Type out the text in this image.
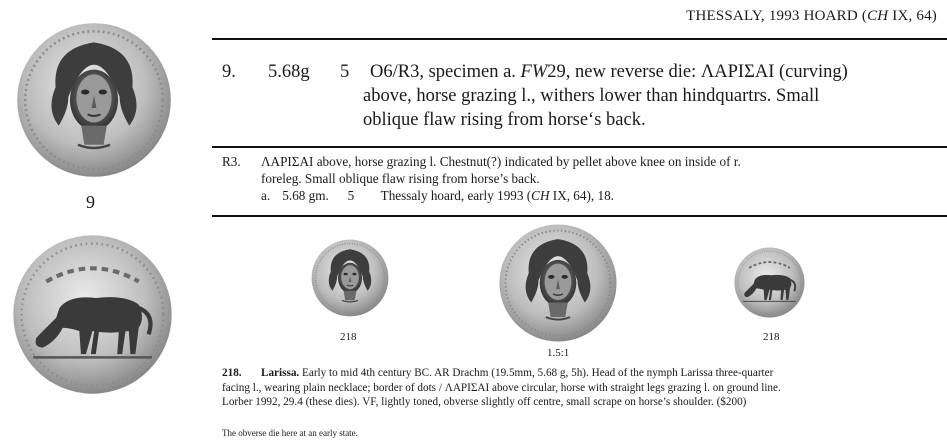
9
THESSALY, 1993 HOARD (CH IX, 64)
9.	5.68g	5	O6/R3, specimen a. FW29, new reverse die: ΛΑΡΙΣΑΙ (curving)
above, horse grazing l., withers lower than hindquartrs. Small
oblique flaw rising from horse‘s back.
R3. ΛΑΡΙΣΑΙ above, horse grazing l. Chestnut(?) indicated by pellet above knee on inside of r.
foreleg. Small oblique flaw rising from horse’s back.
a. 5.68 gm. 5 Thessaly hoard, early 1993 (CH IX, 64), 18.
218
1.5:1
218
218. Larissa. Early to mid 4th century BC. AR Drachm (19.5mm, 5.68 g, 5h). Head of the nymph Larissa three-quarter
facing l., wearing plain necklace; border of dots / ΛΑΡΙΣΑΙ above circular, horse with straight legs grazing l. on ground line.
Lorber 1992, 29.4 (these dies). VF, lightly toned, obverse slightly off centre, small scrape on horse’s shoulder. ($200)
The obverse die here at an early state.
